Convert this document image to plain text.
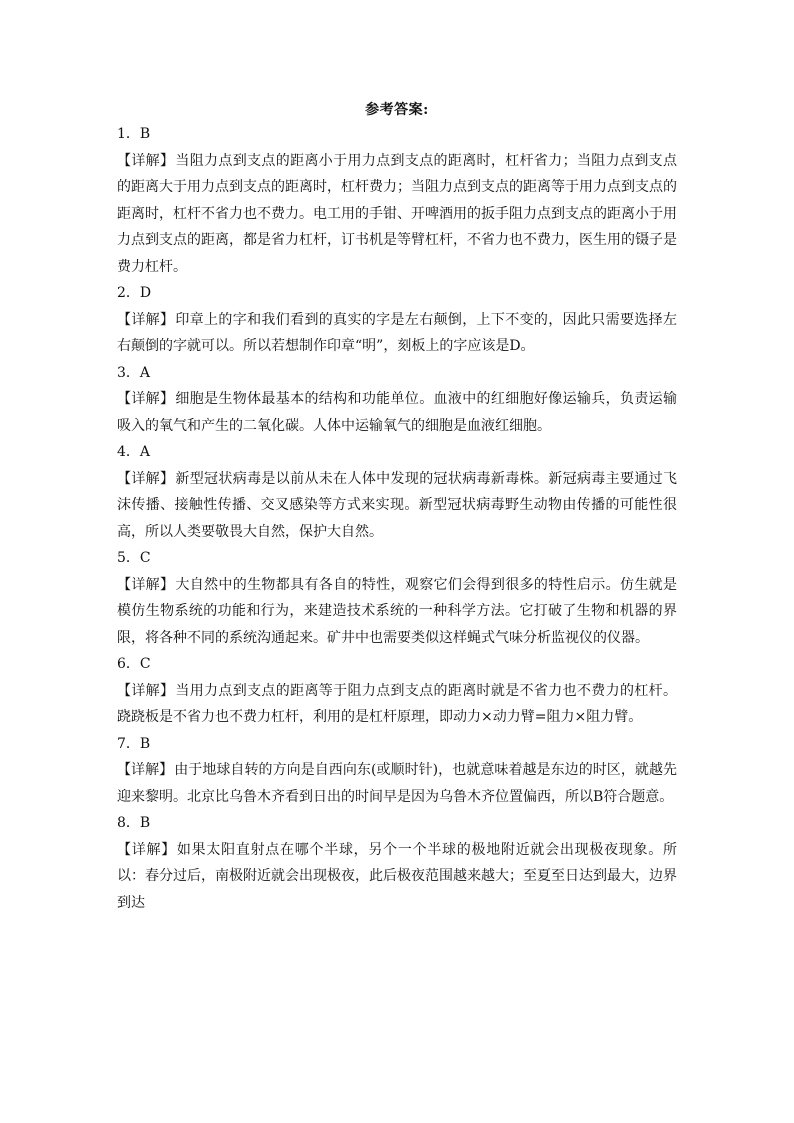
参考答案:

1．B

【详解】当阻力点到支点的距离小于用力点到支点的距离时，杠杆省力；当阻力点到支点的距离大于用力点到支点的距离时，杠杆费力；当阻力点到支点的距离等于用力点到支点的距离时，杠杆不省力也不费力。电工用的手钳、开啤酒用的扳手阻力点到支点的距离小于用力点到支点的距离，都是省力杠杆，订书机是等臂杠杆，不省力也不费力，医生用的镊子是费力杠杆。

2．D

【详解】印章上的字和我们看到的真实的字是左右颠倒，上下不变的，因此只需要选择左右颠倒的字就可以。所以若想制作印章“明”，刻板上的字应该是D。

3．A

【详解】细胞是生物体最基本的结构和功能单位。血液中的红细胞好像运输兵，负责运输吸入的氧气和产生的二氧化碳。人体中运输氧气的细胞是血液红细胞。

4．A

【详解】新型冠状病毒是以前从未在人体中发现的冠状病毒新毒株。新冠病毒主要通过飞沫传播、接触性传播、交叉感染等方式来实现。新型冠状病毒野生动物由传播的可能性很高，所以人类要敬畏大自然，保护大自然。

5．C

【详解】大自然中的生物都具有各自的特性，观察它们会得到很多的特性启示。仿生就是模仿生物系统的功能和行为，来建造技术系统的一种科学方法。它打破了生物和机器的界限，将各种不同的系统沟通起来。矿井中也需要类似这样蝇式气味分析监视仪的仪器。

6．C

【详解】当用力点到支点的距离等于阻力点到支点的距离时就是不省力也不费力的杠杆。跷跷板是不省力也不费力杠杆，利用的是杠杆原理，即动力×动力臂=阻力×阻力臂。

7．B

【详解】由于地球自转的方向是自西向东(或顺时针)，也就意味着越是东边的时区，就越先迎来黎明。北京比乌鲁木齐看到日出的时间早是因为乌鲁木齐位置偏西，所以B符合题意。

8．B

【详解】如果太阳直射点在哪个半球，另个一个半球的极地附近就会出现极夜现象。所以：春分过后，南极附近就会出现极夜，此后极夜范围越来越大；至夏至日达到最大，边界到达
